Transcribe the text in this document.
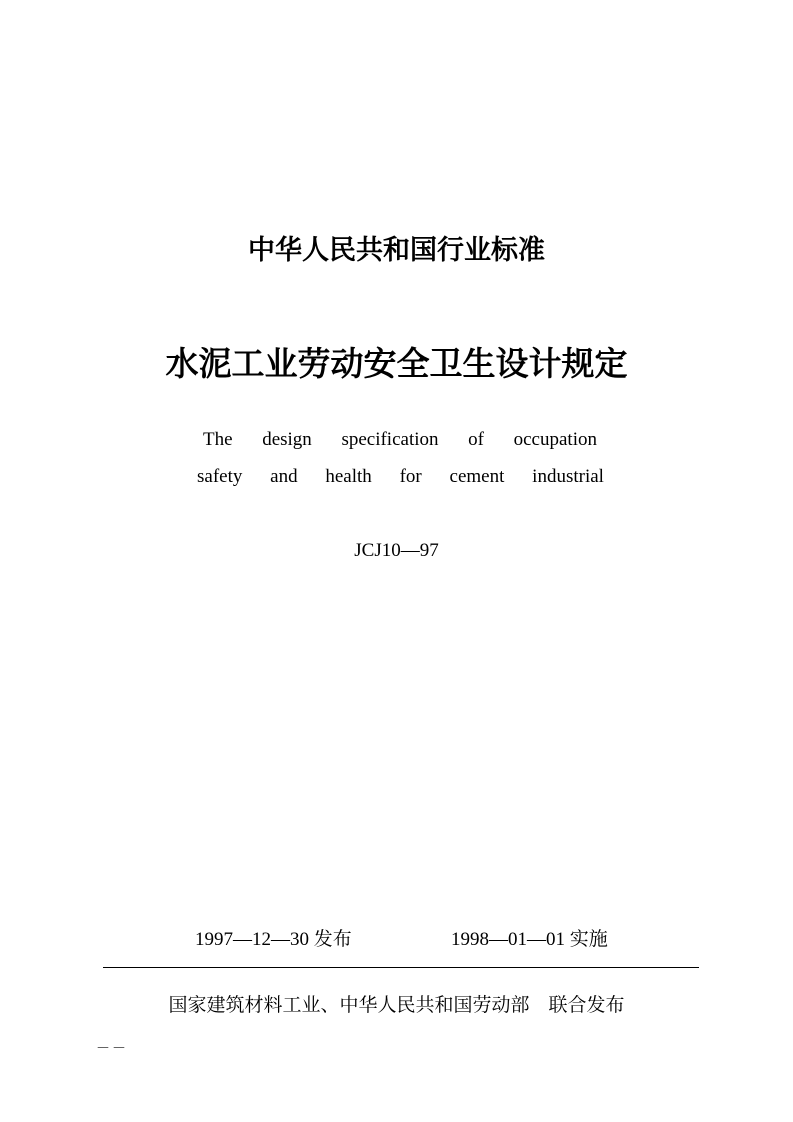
中华人民共和国行业标准
水泥工业劳动安全卫生设计规定
The design specification of occupation
safety and health for cement industrial
JCJ10—97
1997—12—30 发布	1998—01—01 实施
国家建筑材料工业、中华人民共和国劳动部　联合发布
－－
